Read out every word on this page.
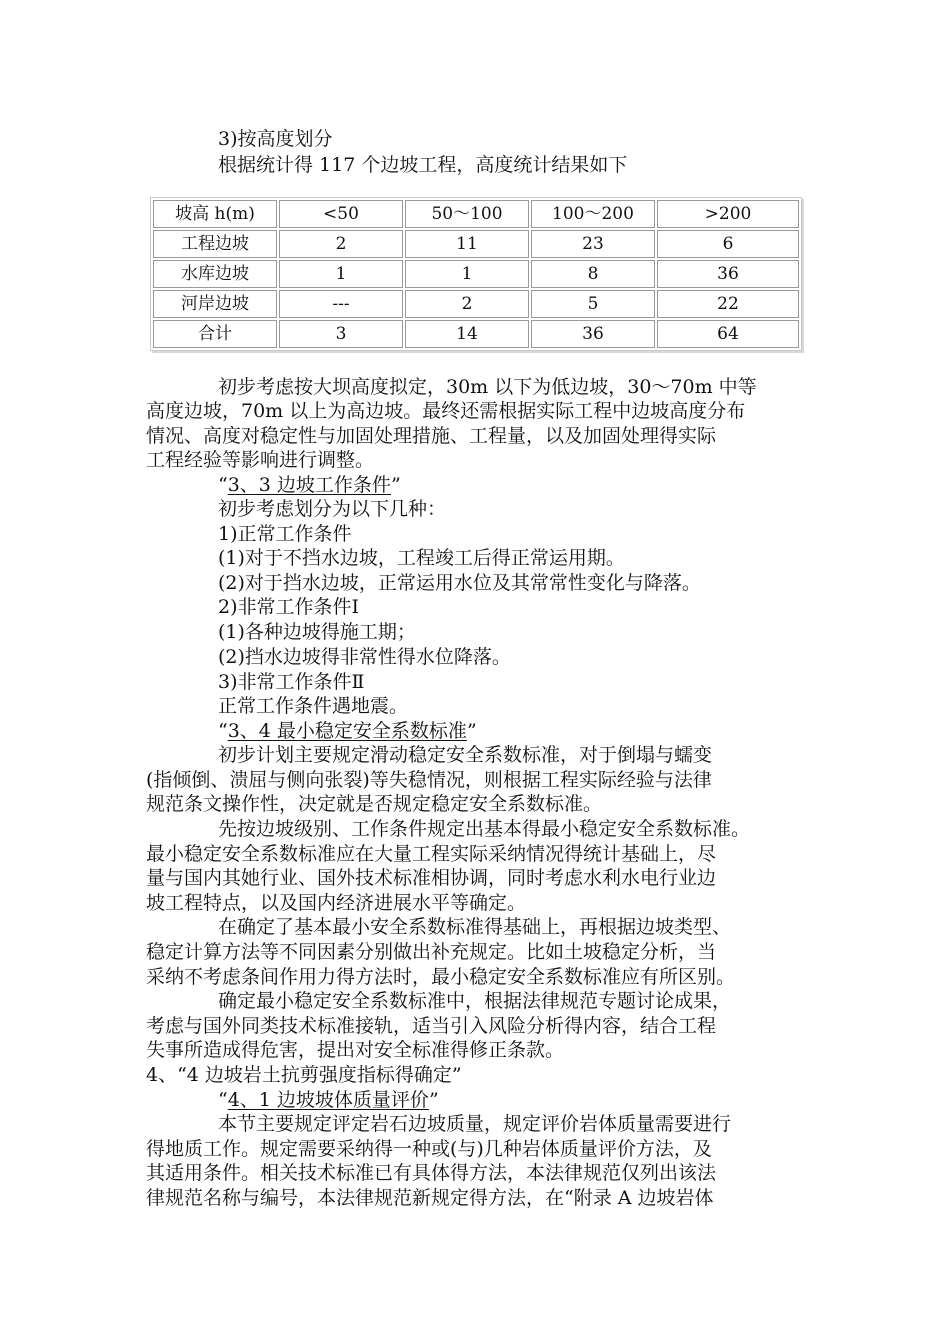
3)按高度划分
根据统计得 117 个边坡工程，高度统计结果如下
坡高 h(m)	<50	50～100	100～200	>200
工程边坡	2	11	23	6
水库边坡	1	1	8	36
河岸边坡	---	2	5	22
合计	3	14	36	64
初步考虑按大坝高度拟定，30m 以下为低边坡，30～70m 中等
高度边坡，70m 以上为高边坡。最终还需根据实际工程中边坡高度分布
情况、高度对稳定性与加固处理措施、工程量，以及加固处理得实际
工程经验等影响进行调整。
“3、3 边坡工作条件”
初步考虑划分为以下几种：
1)正常工作条件
(1)对于不挡水边坡，工程竣工后得正常运用期。
(2)对于挡水边坡，正常运用水位及其常常性变化与降落。
2)非常工作条件Ⅰ
(1)各种边坡得施工期；
(2)挡水边坡得非常性得水位降落。
3)非常工作条件Ⅱ
正常工作条件遇地震。
“3、4 最小稳定安全系数标准”
初步计划主要规定滑动稳定安全系数标准，对于倒塌与蠕变
(指倾倒、溃屈与侧向张裂)等失稳情况，则根据工程实际经验与法律
规范条文操作性，决定就是否规定稳定安全系数标准。
先按边坡级别、工作条件规定出基本得最小稳定安全系数标准。
最小稳定安全系数标准应在大量工程实际采纳情况得统计基础上，尽
量与国内其她行业、国外技术标准相协调，同时考虑水利水电行业边
坡工程特点，以及国内经济进展水平等确定。
在确定了基本最小安全系数标准得基础上，再根据边坡类型、
稳定计算方法等不同因素分别做出补充规定。比如土坡稳定分析，当
采纳不考虑条间作用力得方法时，最小稳定安全系数标准应有所区别。
确定最小稳定安全系数标准中，根据法律规范专题讨论成果，
考虑与国外同类技术标准接轨，适当引入风险分析得内容，结合工程
失事所造成得危害，提出对安全标准得修正条款。
4、“4 边坡岩土抗剪强度指标得确定”
“4、1 边坡坡体质量评价”
本节主要规定评定岩石边坡质量，规定评价岩体质量需要进行
得地质工作。规定需要采纳得一种或(与)几种岩体质量评价方法，及
其适用条件。相关技术标准已有具体得方法，本法律规范仅列出该法
律规范名称与编号，本法律规范新规定得方法，在“附录 A 边坡岩体
